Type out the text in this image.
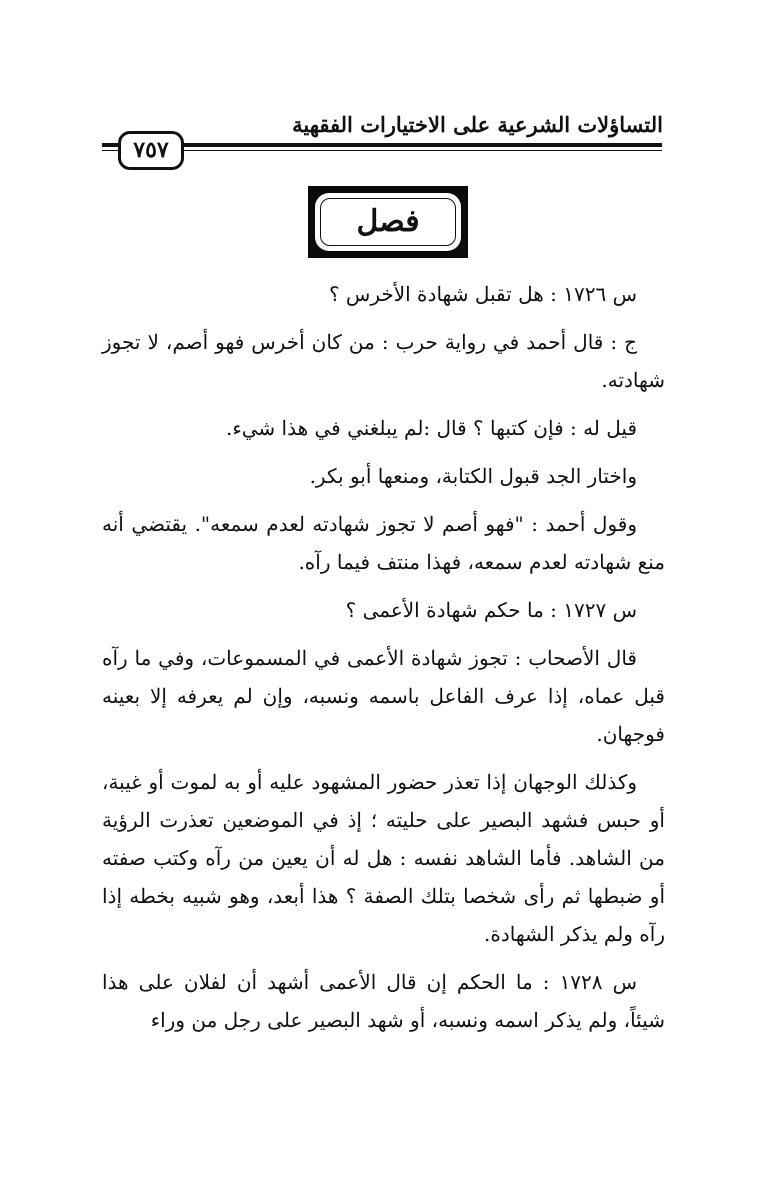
التساؤلات الشرعية على الاختيارات الفقهية
٧٥٧
فصل

س ١٧٢٦ : هل تقبل شهادة الأخرس ؟

ج : قال أحمد في رواية حرب : من كان أخرس فهو أصم، لا تجوز شهادته.

قيل له : فإن كتبها ؟ قال :لم يبلغني في هذا شيء.

واختار الجد قبول الكتابة، ومنعها أبو بكر.

وقول أحمد : "فهو أصم لا تجوز شهادته لعدم سمعه". يقتضي أنه منع شهادته لعدم سمعه، فهذا منتف فيما رآه.

س ١٧٢٧ : ما حكم شهادة الأعمى ؟

قال الأصحاب : تجوز شهادة الأعمى في المسموعات، وفي ما رآه قبل عماه، إذا عرف الفاعل باسمه ونسبه، وإن لم يعرفه إلا بعينه فوجهان.

وكذلك الوجهان إذا تعذر حضور المشهود عليه أو به لموت أو غيبة، أو حبس فشهد البصير على حليته ؛ إذ في الموضعين تعذرت الرؤية من الشاهد. فأما الشاهد نفسه : هل له أن يعين من رآه وكتب صفته أو ضبطها ثم رأى شخصا بتلك الصفة ؟ هذا أبعد، وهو شبيه بخطه إذا رآه ولم يذكر الشهادة.

س ١٧٢٨ : ما الحكم إن قال الأعمى أشهد أن لفلان على هذا شيئاً، ولم يذكر اسمه ونسبه، أو شهد البصير على رجل من وراء
